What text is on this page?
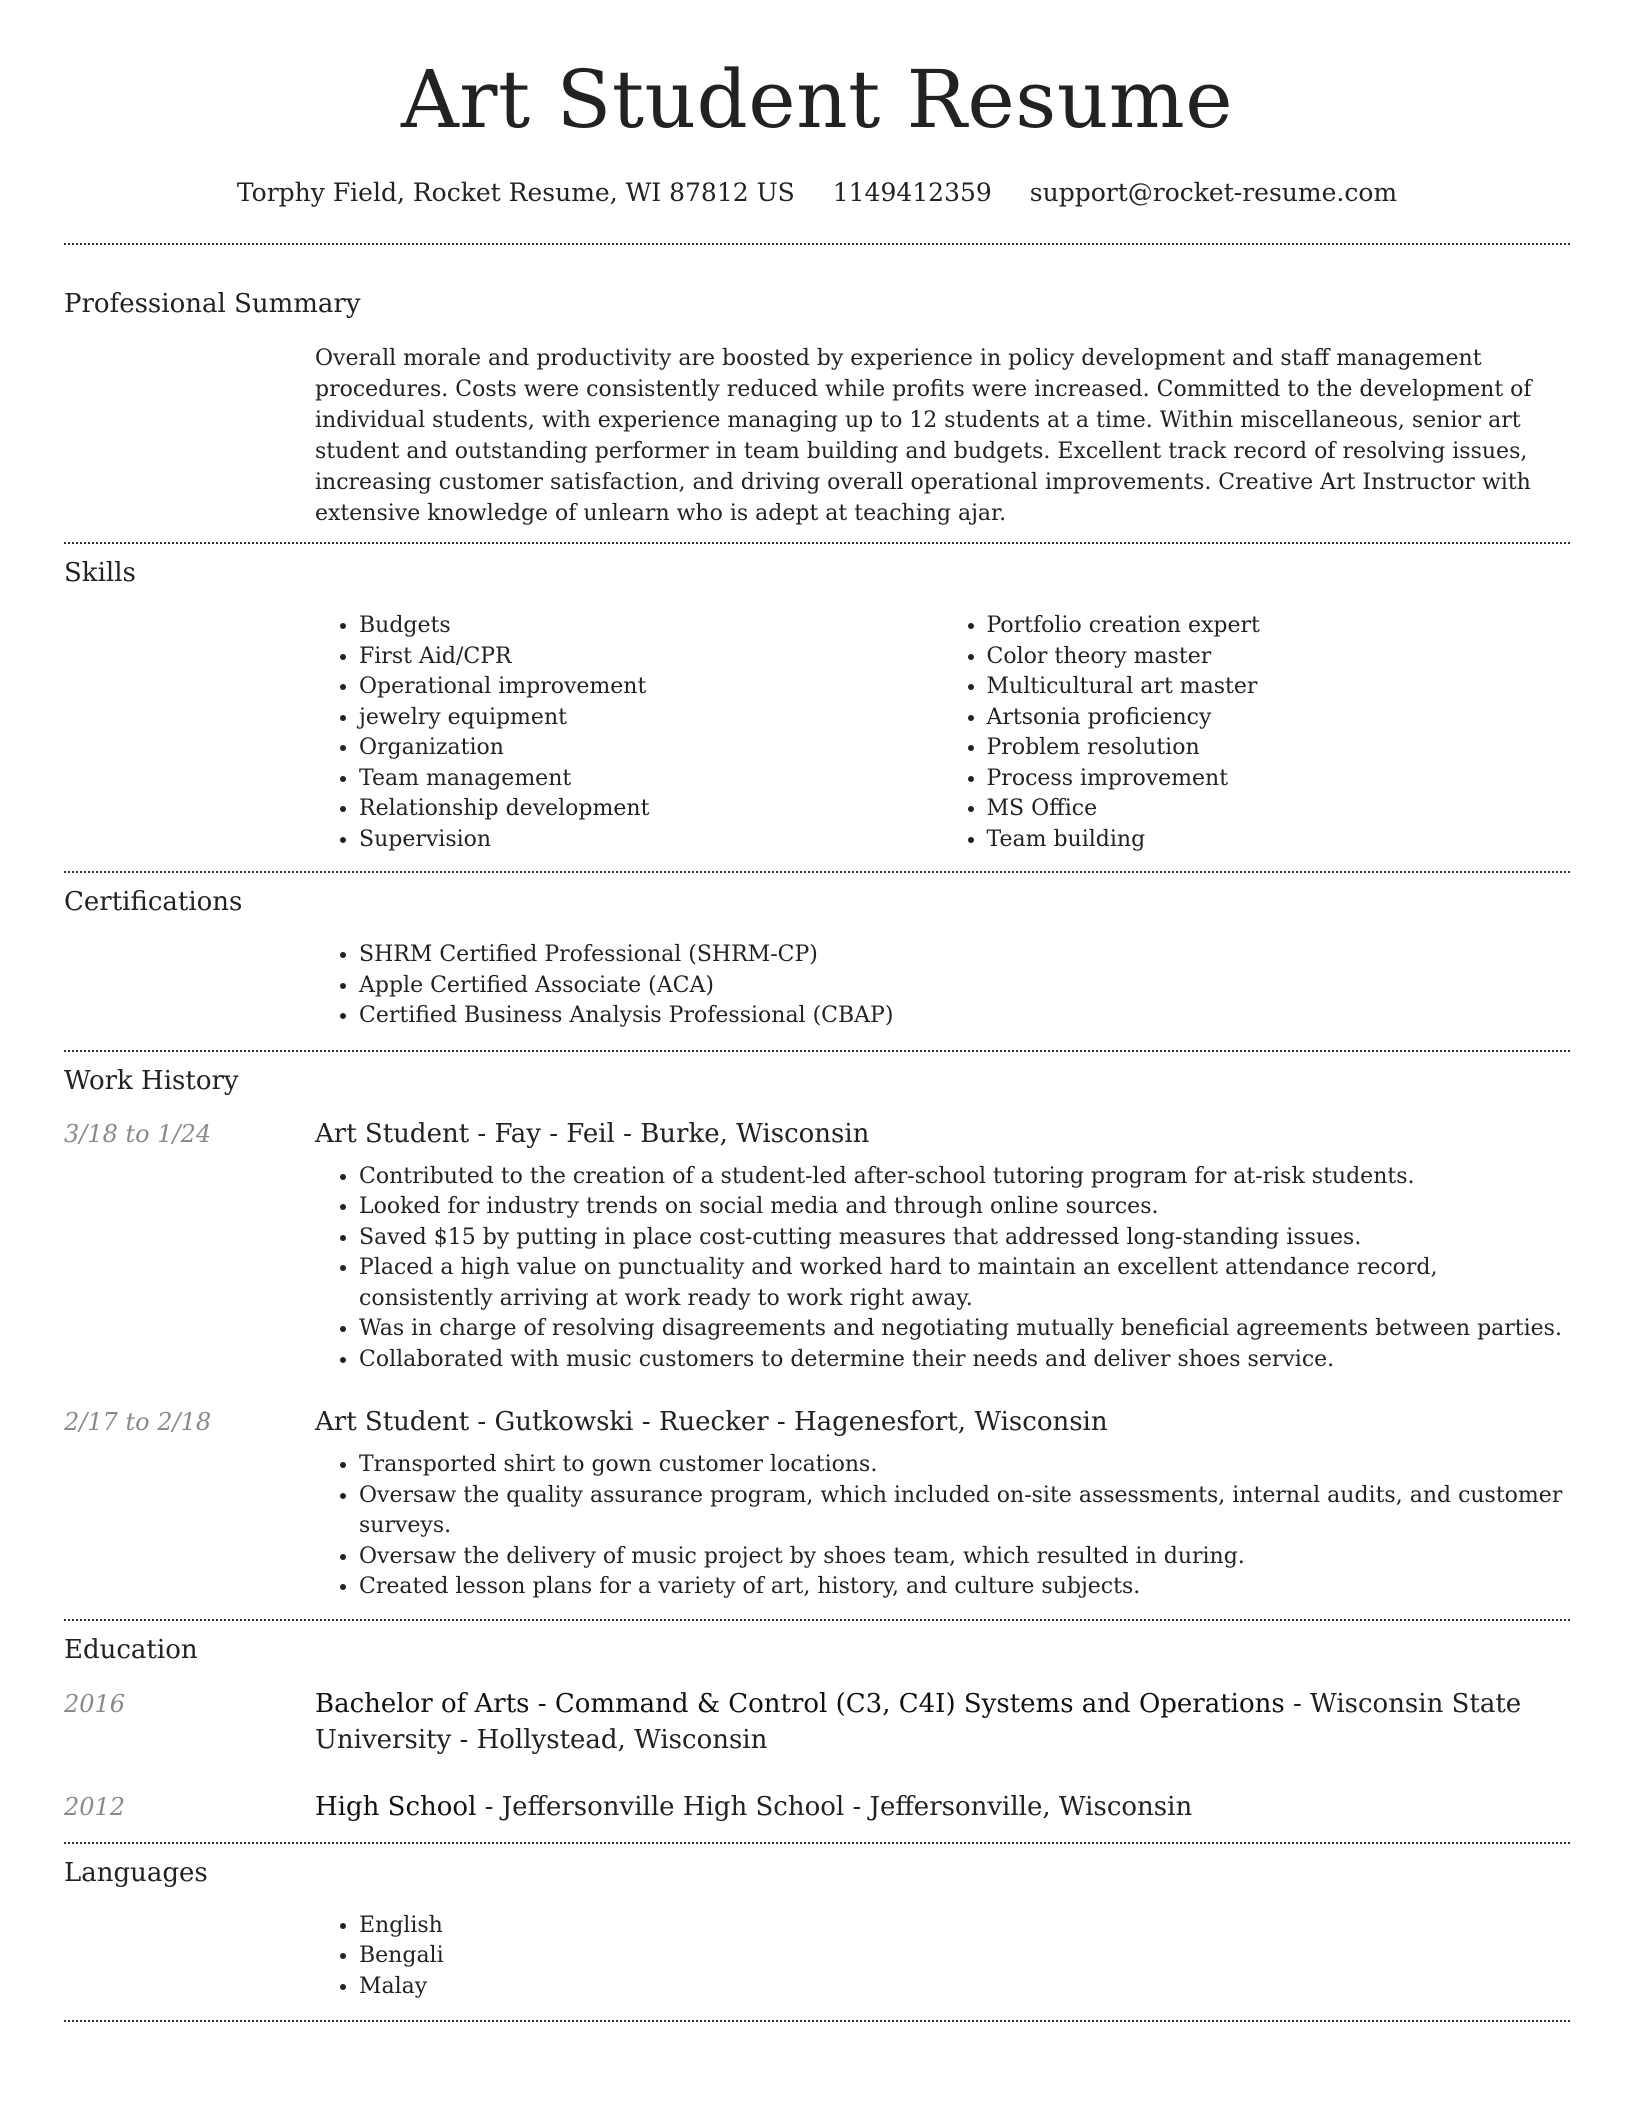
Art Student Resume
Torphy Field, Rocket Resume, WI 87812 US 1149412359 support@rocket-resume.com
Professional Summary

Overall morale and productivity are boosted by experience in policy development and staff management procedures. Costs were consistently reduced while profits were increased. Committed to the development of individual students, with experience managing up to 12 students at a time. Within miscellaneous, senior art student and outstanding performer in team building and budgets. Excellent track record of resolving issues, increasing customer satisfaction, and driving overall operational improvements. Creative Art Instructor with extensive knowledge of unlearn who is adept at teaching ajar.

Skills
• Budgets
• First Aid/CPR
• Operational improvement
• jewelry equipment
• Organization
• Team management
• Relationship development
• Supervision
• Portfolio creation expert
• Color theory master
• Multicultural art master
• Artsonia proficiency
• Problem resolution
• Process improvement
• MS Office
• Team building
Certifications
• SHRM Certified Professional (SHRM-CP)
• Apple Certified Associate (ACA)
• Certified Business Analysis Professional (CBAP)
Work History
3/18 to 1/24	Art Student - Fay - Feil - Burke, Wisconsin
• Contributed to the creation of a student-led after-school tutoring program for at-risk students.
• Looked for industry trends on social media and through online sources.
• Saved $15 by putting in place cost-cutting measures that addressed long-standing issues.
• Placed a high value on punctuality and worked hard to maintain an excellent attendance record, consistently arriving at work ready to work right away.
• Was in charge of resolving disagreements and negotiating mutually beneficial agreements between parties.
• Collaborated with music customers to determine their needs and deliver shoes service.
2/17 to 2/18	Art Student - Gutkowski - Ruecker - Hagenesfort, Wisconsin
• Transported shirt to gown customer locations.
• Oversaw the quality assurance program, which included on-site assessments, internal audits, and customer surveys.
• Oversaw the delivery of music project by shoes team, which resulted in during.
• Created lesson plans for a variety of art, history, and culture subjects.
Education
2016	Bachelor of Arts - Command & Control (C3, C4I) Systems and Operations - Wisconsin State University - Hollystead, Wisconsin
2012	High School - Jeffersonville High School - Jeffersonville, Wisconsin
Languages
• English
• Bengali
• Malay
